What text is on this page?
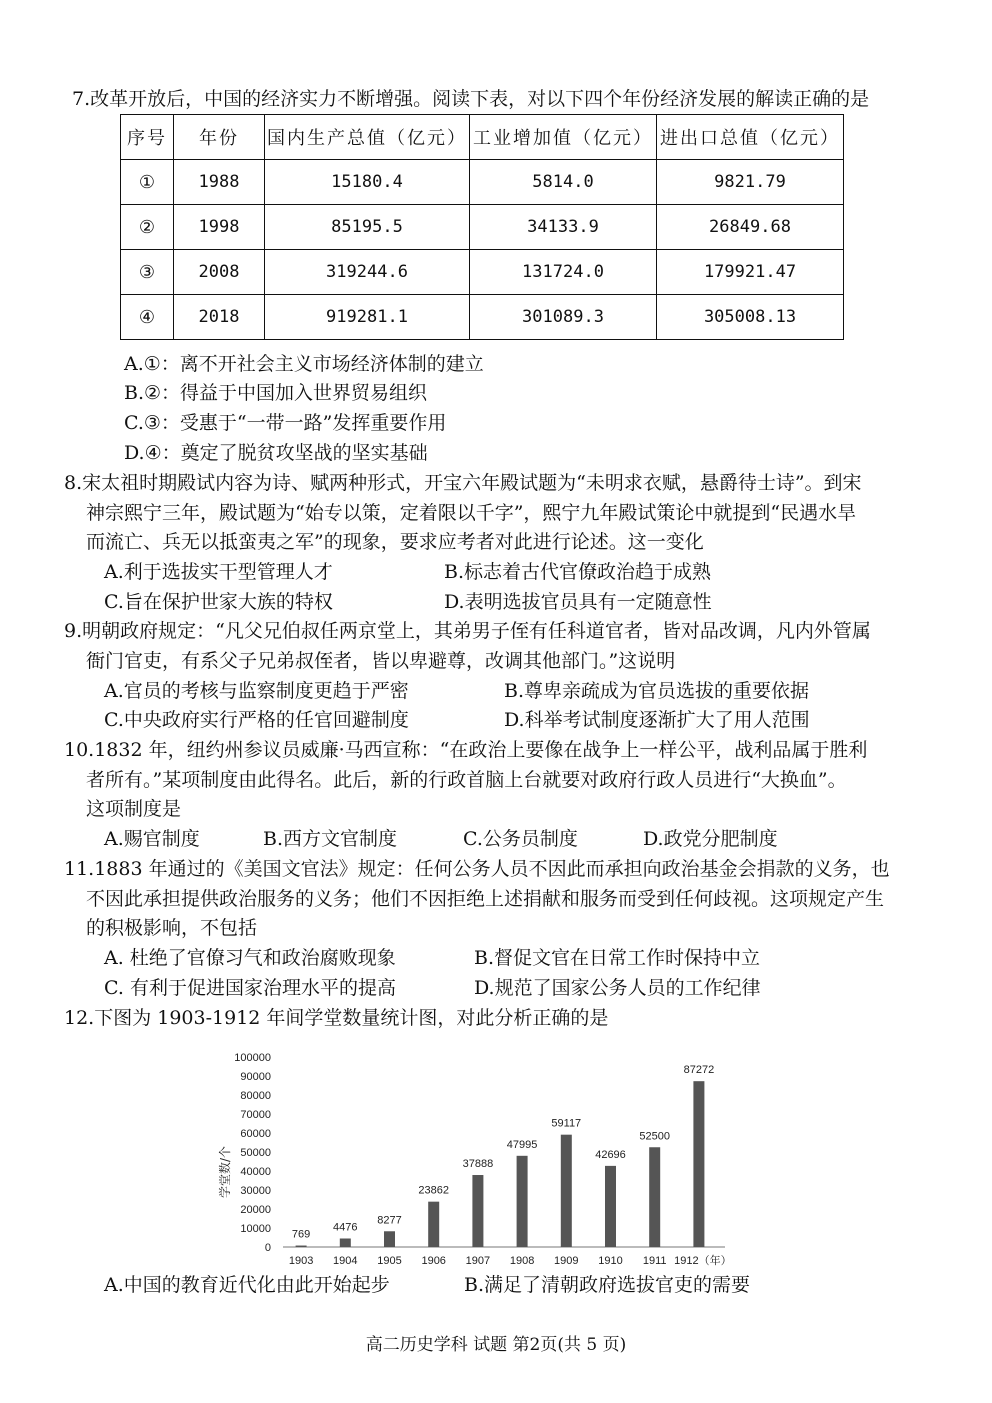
7.改革开放后，中国的经济实力不断增强。阅读下表，对以下四个年份经济发展的解读正确的是
序号	年份	国内生产总值（亿元）	工业增加值（亿元）	进出口总值（亿元）
①	1988	15180.4	5814.0	9821.79
②	1998	85195.5	34133.9	26849.68
③	2008	319244.6	131724.0	179921.47
④	2018	919281.1	301089.3	305008.13
A.①：离不开社会主义市场经济体制的建立
B.②：得益于中国加入世界贸易组织
C.③：受惠于“一带一路”发挥重要作用
D.④：奠定了脱贫攻坚战的坚实基础
8.宋太祖时期殿试内容为诗、赋两种形式，开宝六年殿试题为“未明求衣赋，悬爵待士诗”。到宋
神宗熙宁三年，殿试题为“始专以策，定着限以千字”，熙宁九年殿试策论中就提到“民遇水旱
而流亡、兵无以抵蛮夷之军”的现象，要求应考者对此进行论述。这一变化
A.利于选拔实干型管理人才	B.标志着古代官僚政治趋于成熟
C.旨在保护世家大族的特权	D.表明选拔官员具有一定随意性
9.明朝政府规定：“凡父兄伯叔任两京堂上，其弟男子侄有任科道官者，皆对品改调，凡内外管属
衙门官吏，有系父子兄弟叔侄者，皆以卑避尊，改调其他部门。”这说明
A.官员的考核与监察制度更趋于严密	B.尊卑亲疏成为官员选拔的重要依据
C.中央政府实行严格的任官回避制度	D.科举考试制度逐渐扩大了用人范围
10.1832 年，纽约州参议员威廉·马西宣称：“在政治上要像在战争上一样公平，战利品属于胜利
者所有。”某项制度由此得名。此后，新的行政首脑上台就要对政府行政人员进行“大换血”。
这项制度是
A.赐官制度	B.西方文官制度	C.公务员制度	D.政党分肥制度
11.1883 年通过的《美国文官法》规定：任何公务人员不因此而承担向政治基金会捐款的义务，也
不因此承担提供政治服务的义务；他们不因拒绝上述捐献和服务而受到任何歧视。这项规定产生
的积极影响，不包括
A. 杜绝了官僚习气和政治腐败现象	B.督促文官在日常工作时保持中立
C. 有利于促进国家治理水平的提高	D.规范了国家公务人员的工作纪律
12.下图为 1903-1912 年间学堂数量统计图，对此分析正确的是
0
10000
20000
30000
40000
50000
60000
70000
80000
90000
100000
学堂数/个
769
1903
4476
1904
8277
1905
23862
1906
37888
1907
47995
1908
59117
1909
42696
1910
52500
1911
87272
1912（年）
A.中国的教育近代化由此开始起步	B.满足了清朝政府选拔官吏的需要
高二历史学科 试题 第2页(共 5 页)
